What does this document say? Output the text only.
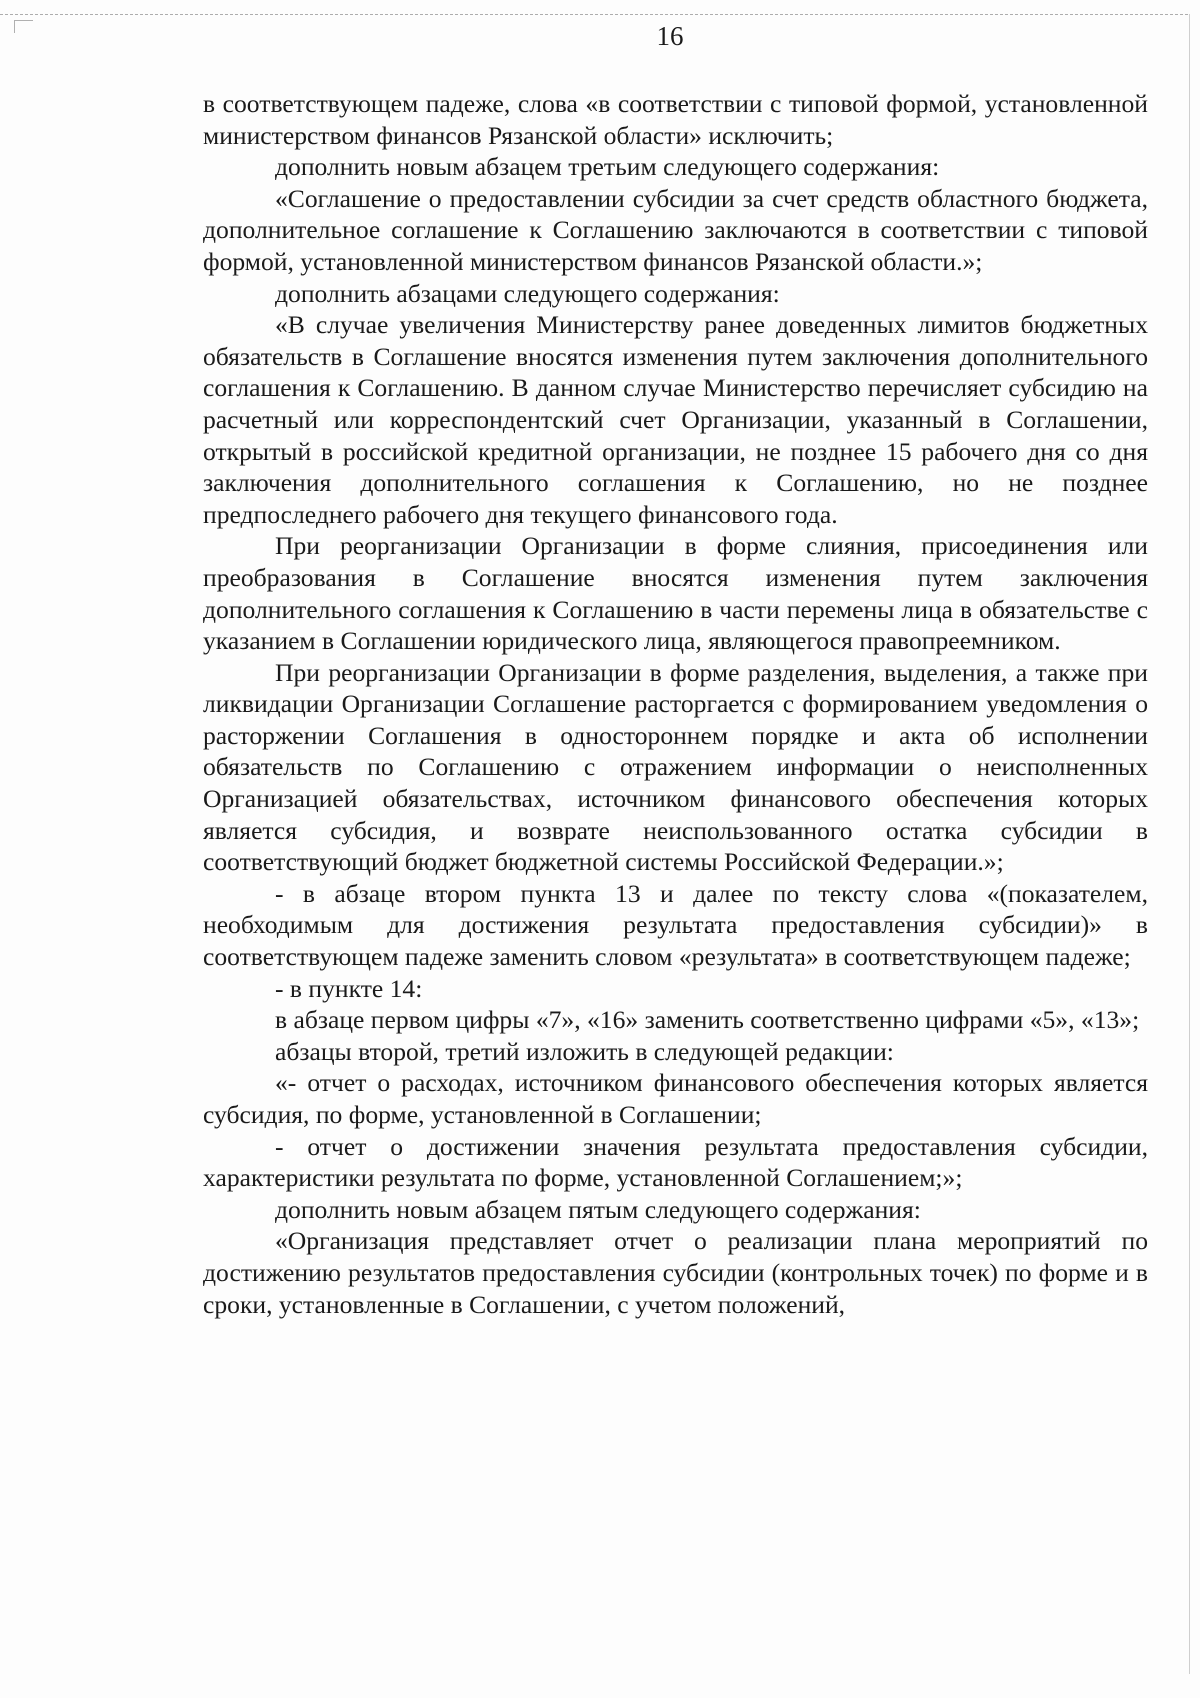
16

в соответствующем падеже, слова «в соответствии с типовой формой, установленной министерством финансов Рязанской области» исключить;

дополнить новым абзацем третьим следующего содержания:

«Соглашение о предоставлении субсидии за счет средств областного бюджета, дополнительное соглашение к Соглашению заключаются в соответствии с типовой формой, установленной министерством финансов Рязанской области.»;

дополнить абзацами следующего содержания:

«В случае увеличения Министерству ранее доведенных лимитов бюджетных обязательств в Соглашение вносятся изменения путем заключения дополнительного соглашения к Соглашению. В данном случае Министерство перечисляет субсидию на расчетный или корреспондентский счет Организации, указанный в Соглашении, открытый в российской кредитной организации, не позднее 15 рабочего дня со дня заключения дополнительного соглашения к Соглашению, но не позднее предпоследнего рабочего дня текущего финансового года.

При реорганизации Организации в форме слияния, присоединения или преобразования в Соглашение вносятся изменения путем заключения дополнительного соглашения к Соглашению в части перемены лица в обязательстве с указанием в Соглашении юридического лица, являющегося правопреемником.

При реорганизации Организации в форме разделения, выделения, а также при ликвидации Организации Соглашение расторгается с формированием уведомления о расторжении Соглашения в одностороннем порядке и акта об исполнении обязательств по Соглашению с отражением информации о неисполненных Организацией обязательствах, источником финансового обеспечения которых является субсидия, и возврате неиспользованного остатка субсидии в соответствующий бюджет бюджетной системы Российской Федерации.»;

- в абзаце втором пункта 13 и далее по тексту слова «(показателем, необходимым для достижения результата предоставления субсидии)» в соответствующем падеже заменить словом «результата» в соответствующем падеже;

- в пункте 14:

в абзаце первом цифры «7», «16» заменить соответственно цифрами «5», «13»;

абзацы второй, третий изложить в следующей редакции:

«- отчет о расходах, источником финансового обеспечения которых является субсидия, по форме, установленной в Соглашении;

- отчет о достижении значения результата предоставления субсидии, характеристики результата по форме, установленной Соглашением;»;

дополнить новым абзацем пятым следующего содержания:

«Организация представляет отчет о реализации плана мероприятий по достижению результатов предоставления субсидии (контрольных точек) по форме и в сроки, установленные в Соглашении, с учетом положений,
